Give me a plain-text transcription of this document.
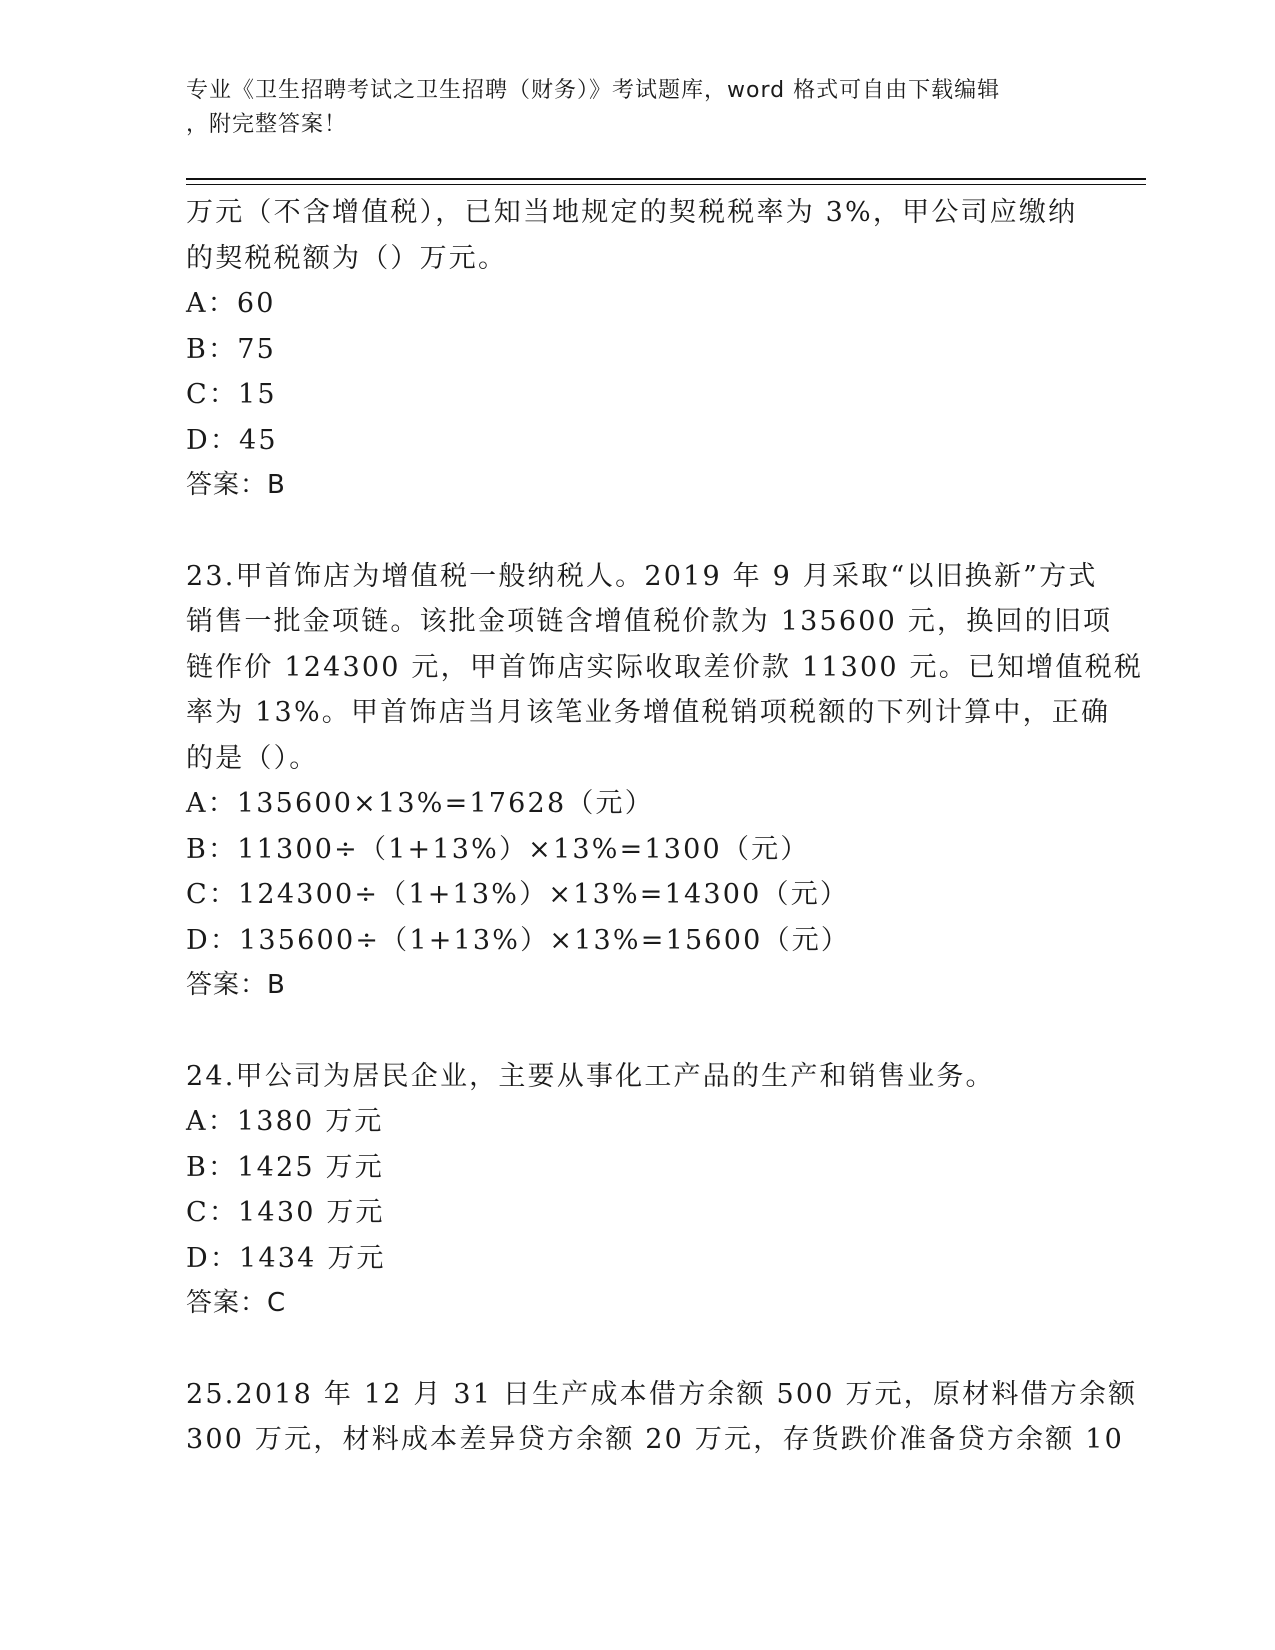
专业《卫生招聘考试之卫生招聘（财务）》考试题库，word 格式可自由下载编辑
，附完整答案！
万元（不含增值税），已知当地规定的契税税率为 3%，甲公司应缴纳
的契税税额为（）万元。
A：60
B：75
C：15
D：45
答案：B
23.甲首饰店为增值税一般纳税人。2019 年 9 月采取“以旧换新”方式
销售一批金项链。该批金项链含增值税价款为 135600 元，换回的旧项
链作价 124300 元，甲首饰店实际收取差价款 11300 元。已知增值税税
率为 13%。甲首饰店当月该笔业务增值税销项税额的下列计算中，正确
的是（）。
A：135600×13%=17628（元）
B：11300÷（1+13%）×13%=1300（元）
C：124300÷（1+13%）×13%=14300（元）
D：135600÷（1+13%）×13%=15600（元）
答案：B
24.甲公司为居民企业，主要从事化工产品的生产和销售业务。
A：1380 万元
B：1425 万元
C：1430 万元
D：1434 万元
答案：C
25.2018 年 12 月 31 日生产成本借方余额 500 万元，原材料借方余额
300 万元，材料成本差异贷方余额 20 万元，存货跌价准备贷方余额 10
